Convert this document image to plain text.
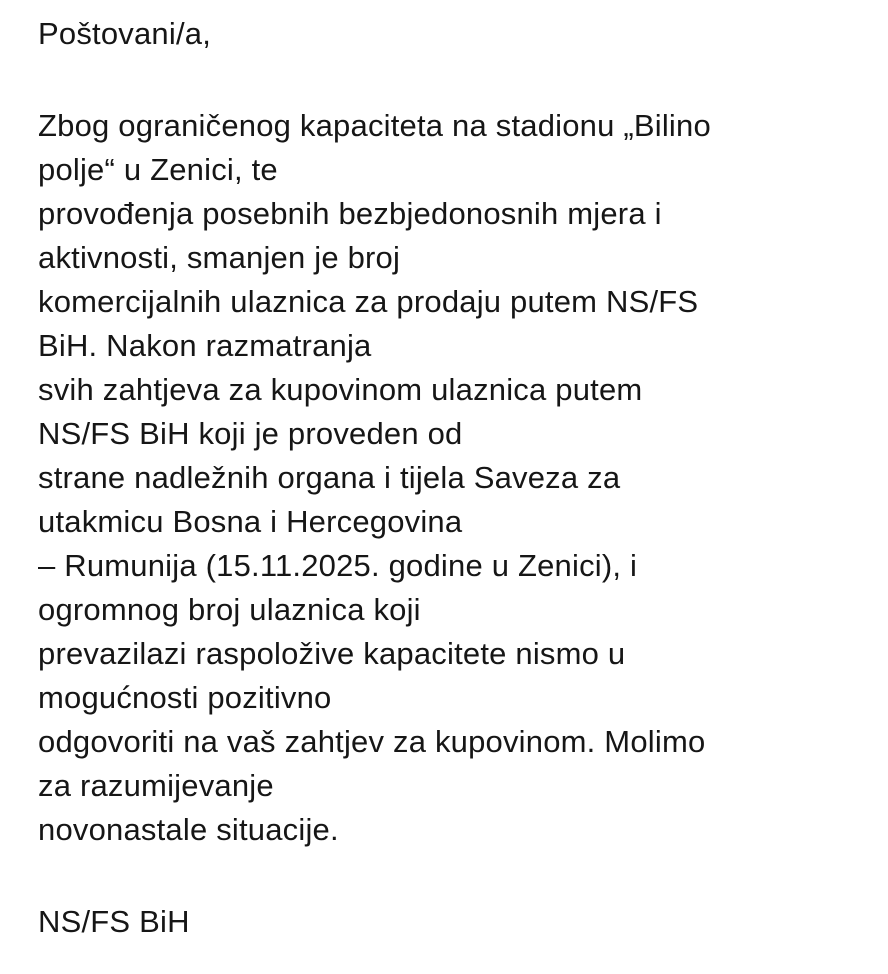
Poštovani/a,

Zbog ograničenog kapaciteta na stadionu „Bilino

polje“ u Zenici, te

provođenja posebnih bezbjedonosnih mjera i

aktivnosti, smanjen je broj

komercijalnih ulaznica za prodaju putem NS/FS

BiH. Nakon razmatranja

svih zahtjeva za kupovinom ulaznica putem

NS/FS BiH koji je proveden od

strane nadležnih organa i tijela Saveza za

utakmicu Bosna i Hercegovina

– Rumunija (15.11.2025. godine u Zenici), i

ogromnog broj ulaznica koji

prevazilazi raspoložive kapacitete nismo u

mogućnosti pozitivno

odgovoriti na vaš zahtjev za kupovinom. Molimo

za razumijevanje

novonastale situacije.

NS/FS BiH
